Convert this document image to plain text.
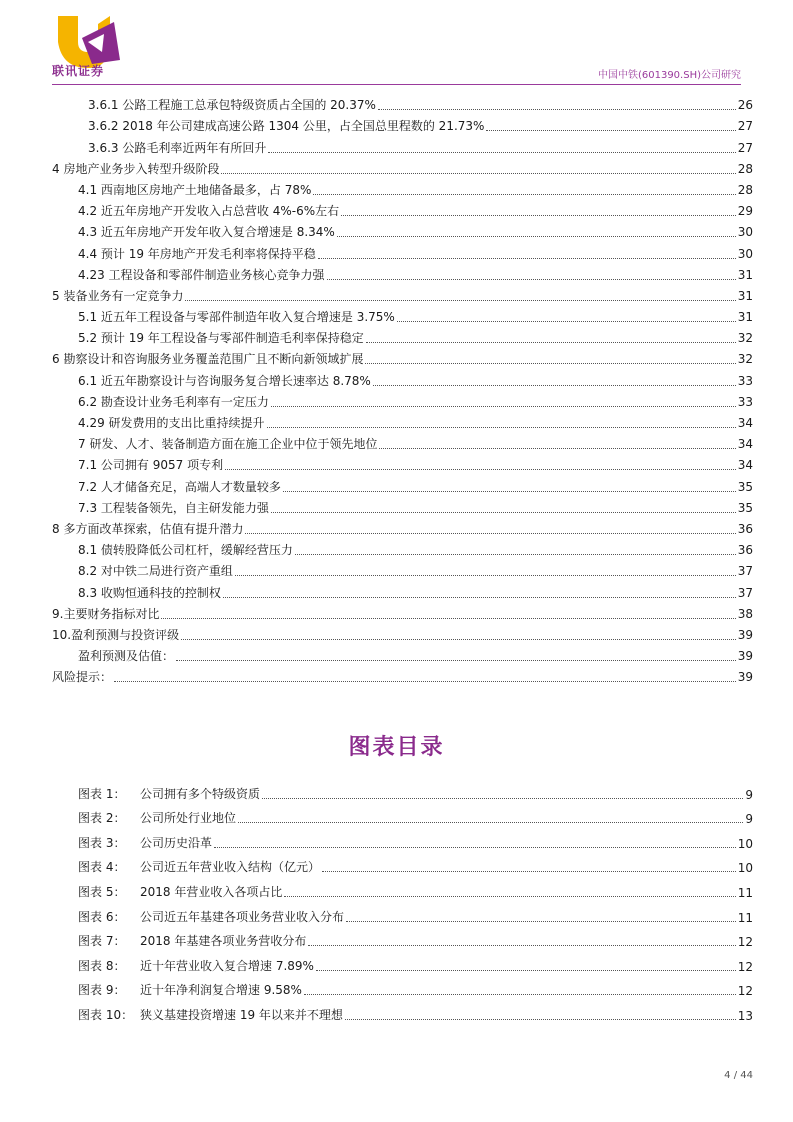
联讯证券	中国中铁(601390.SH)公司研究
3.6.1 公路工程施工总承包特级资质占全国的 20.37%	26
3.6.2 2018 年公司建成高速公路 1304 公里，占全国总里程数的 21.73%	27
3.6.3 公路毛利率近两年有所回升	27
4 房地产业务步入转型升级阶段	28
4.1 西南地区房地产土地储备最多，占 78%	28
4.2 近五年房地产开发收入占总营收 4%-6%左右	29
4.3 近五年房地产开发年收入复合增速是 8.34%	30
4.4 预计 19 年房地产开发毛利率将保持平稳	30
4.23 工程设备和零部件制造业务核心竞争力强	31
5 装备业务有一定竞争力	31
5.1 近五年工程设备与零部件制造年收入复合增速是 3.75%	31
5.2 预计 19 年工程设备与零部件制造毛利率保持稳定	32
6 勘察设计和咨询服务业务覆盖范围广且不断向新领域扩展	32
6.1 近五年勘察设计与咨询服务复合增长速率达 8.78%	33
6.2 勘查设计业务毛利率有一定压力	33
4.29 研发费用的支出比重持续提升	34
7 研发、人才、装备制造方面在施工企业中位于领先地位	34
7.1 公司拥有 9057 项专利	34
7.2 人才储备充足，高端人才数量较多	35
7.3 工程装备领先，自主研发能力强	35
8 多方面改革探索，估值有提升潜力	36
8.1 债转股降低公司杠杆，缓解经营压力	36
8.2 对中铁二局进行资产重组	37
8.3 收购恒通科技的控制权	37
9.主要财务指标对比	38
10.盈利预测与投资评级	39
盈利预测及估值：	39
风险提示：	39
图表目录
图表 1：	公司拥有多个特级资质	9
图表 2：	公司所处行业地位	9
图表 3：	公司历史沿革	10
图表 4：	公司近五年营业收入结构（亿元）	10
图表 5：	2018 年营业收入各项占比	11
图表 6：	公司近五年基建各项业务营业收入分布	11
图表 7：	2018 年基建各项业务营收分布	12
图表 8：	近十年营业收入复合增速 7.89%	12
图表 9：	近十年净利润复合增速 9.58%	12
图表 10： 狭义基建投资增速 19 年以来并不理想	13
4 / 44
